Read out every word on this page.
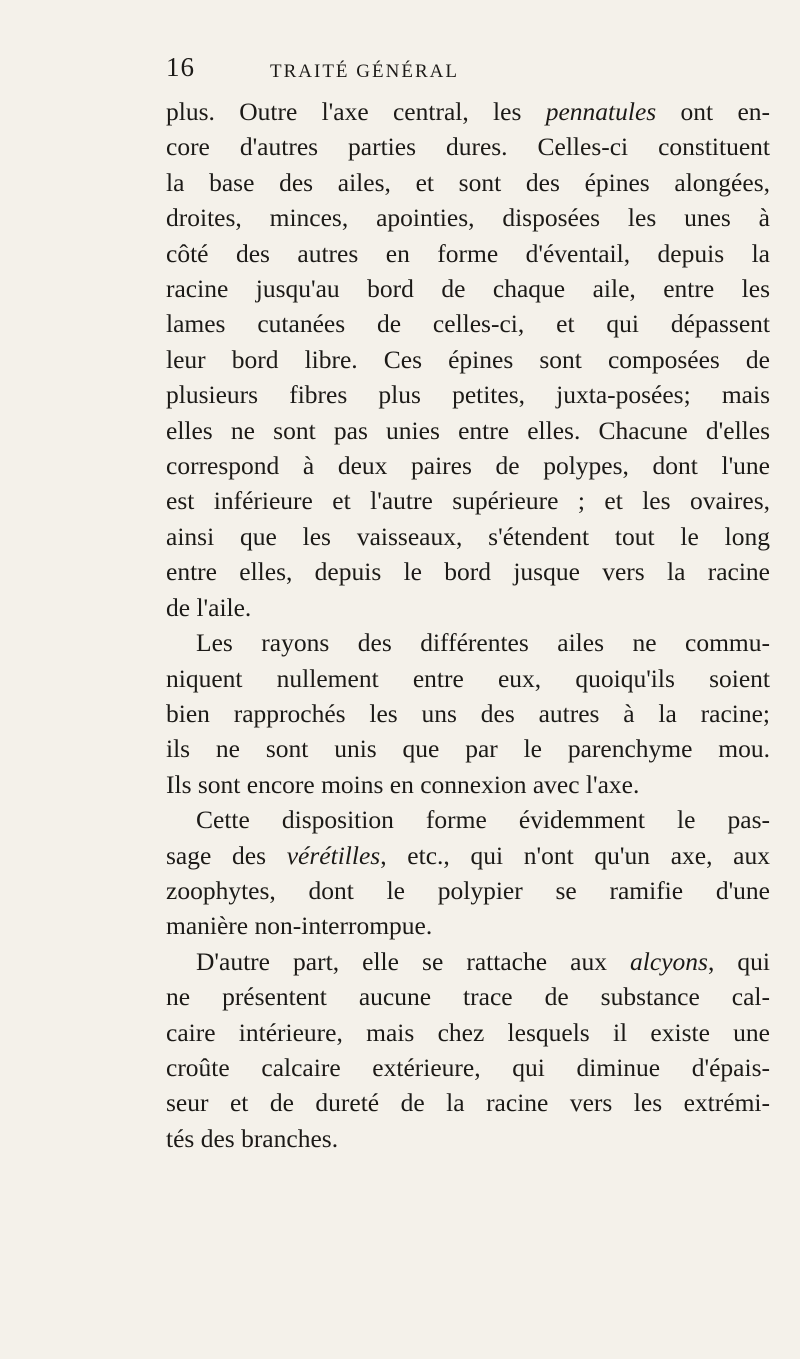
16	TRAITÉ GÉNÉRAL
plus. Outre l'axe central, les pennatules ont en-
core d'autres parties dures. Celles-ci constituent
la base des ailes, et sont des épines alongées,
droites, minces, apointies, disposées les unes à
côté des autres en forme d'éventail, depuis la
racine jusqu'au bord de chaque aile, entre les
lames cutanées de celles-ci, et qui dépassent
leur bord libre. Ces épines sont composées de
plusieurs fibres plus petites, juxta-posées; mais
elles ne sont pas unies entre elles. Chacune d'elles
correspond à deux paires de polypes, dont l'une
est inférieure et l'autre supérieure ; et les ovaires,
ainsi que les vaisseaux, s'étendent tout le long
entre elles, depuis le bord jusque vers la racine
de l'aile.
Les rayons des différentes ailes ne commu-
niquent nullement entre eux, quoiqu'ils soient
bien rapprochés les uns des autres à la racine;
ils ne sont unis que par le parenchyme mou.
Ils sont encore moins en connexion avec l'axe.
Cette disposition forme évidemment le pas-
sage des vérétilles, etc., qui n'ont qu'un axe, aux
zoophytes, dont le polypier se ramifie d'une
manière non-interrompue.
D'autre part, elle se rattache aux alcyons, qui
ne présentent aucune trace de substance cal-
caire intérieure, mais chez lesquels il existe une
croûte calcaire extérieure, qui diminue d'épais-
seur et de dureté de la racine vers les extrémi-
tés des branches.
